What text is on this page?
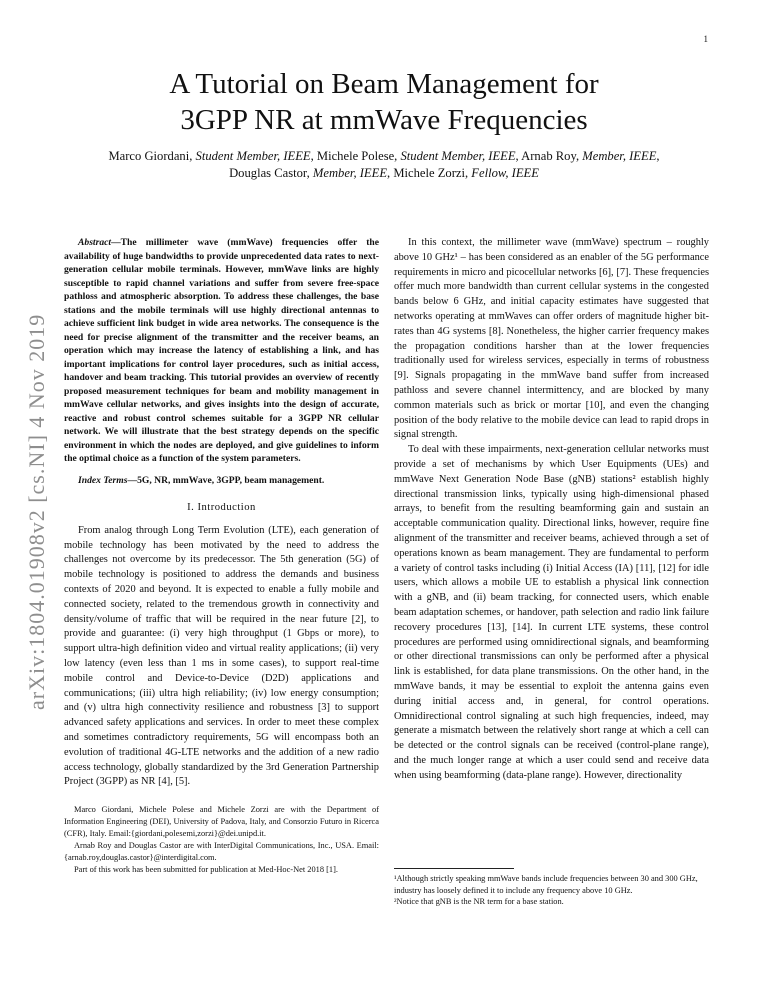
1
arXiv:1804.01908v2 [cs.NI] 4 Nov 2019
A Tutorial on Beam Management for
3GPP NR at mmWave Frequencies
Marco Giordani, Student Member, IEEE, Michele Polese, Student Member, IEEE, Arnab Roy, Member, IEEE,
Douglas Castor, Member, IEEE, Michele Zorzi, Fellow, IEEE

Abstract—The millimeter wave (mmWave) frequencies offer the availability of huge bandwidths to provide unprecedented data rates to next-generation cellular mobile terminals. However, mmWave links are highly susceptible to rapid channel variations and suffer from severe free-space pathloss and atmospheric absorption. To address these challenges, the base stations and the mobile terminals will use highly directional antennas to achieve sufficient link budget in wide area networks. The consequence is the need for precise alignment of the transmitter and the receiver beams, an operation which may increase the latency of establishing a link, and has important implications for control layer procedures, such as initial access, handover and beam tracking. This tutorial provides an overview of recently proposed measurement techniques for beam and mobility management in mmWave cellular networks, and gives insights into the design of accurate, reactive and robust control schemes suitable for a 3GPP NR cellular network. We will illustrate that the best strategy depends on the specific environment in which the nodes are deployed, and give guidelines to inform the optimal choice as a function of the system parameters.

Index Terms—5G, NR, mmWave, 3GPP, beam management.

I. Introduction

From analog through Long Term Evolution (LTE), each generation of mobile technology has been motivated by the need to address the challenges not overcome by its predecessor. The 5th generation (5G) of mobile technology is positioned to address the demands and business contexts of 2020 and beyond. It is expected to enable a fully mobile and connected society, related to the tremendous growth in connectivity and density/volume of traffic that will be required in the near future [2], to provide and guarantee: (i) very high throughput (1 Gbps or more), to support ultra-high definition video and virtual reality applications; (ii) very low latency (even less than 1 ms in some cases), to support real-time mobile control and Device-to-Device (D2D) applications and communications; (iii) ultra high reliability; (iv) low energy consumption; and (v) ultra high connectivity resilience and robustness [3] to support advanced safety applications and services. In order to meet these complex and sometimes contradictory requirements, 5G will encompass both an evolution of traditional 4G-LTE networks and the addition of a new radio access technology, globally standardized by the 3rd Generation Partnership Project (3GPP) as NR [4], [5].

Marco Giordani, Michele Polese and Michele Zorzi are with the Department of Information Engineering (DEI), University of Padova, Italy, and Consorzio Futuro in Ricerca (CFR), Italy. Email:{giordani,polesemi,zorzi}@dei.unipd.it.

Arnab Roy and Douglas Castor are with InterDigital Communications, Inc., USA. Email:{arnab.roy,douglas.castor}@interdigital.com.

Part of this work has been submitted for publication at Med-Hoc-Net 2018 [1].

In this context, the millimeter wave (mmWave) spectrum – roughly above 10 GHz¹ – has been considered as an enabler of the 5G performance requirements in micro and picocellular networks [6], [7]. These frequencies offer much more bandwidth than current cellular systems in the congested bands below 6 GHz, and initial capacity estimates have suggested that networks operating at mmWaves can offer orders of magnitude higher bit-rates than 4G systems [8]. Nonetheless, the higher carrier frequency makes the propagation conditions harsher than at the lower frequencies traditionally used for wireless services, especially in terms of robustness [9]. Signals propagating in the mmWave band suffer from increased pathloss and severe channel intermittency, and are blocked by many common materials such as brick or mortar [10], and even the changing position of the body relative to the mobile device can lead to rapid drops in signal strength.

To deal with these impairments, next-generation cellular networks must provide a set of mechanisms by which User Equipments (UEs) and mmWave Next Generation Node Base (gNB) stations² establish highly directional transmission links, typically using high-dimensional phased arrays, to benefit from the resulting beamforming gain and sustain an acceptable communication quality. Directional links, however, require fine alignment of the transmitter and receiver beams, achieved through a set of operations known as beam management. They are fundamental to perform a variety of control tasks including (i) Initial Access (IA) [11], [12] for idle users, which allows a mobile UE to establish a physical link connection with a gNB, and (ii) beam tracking, for connected users, which enable beam adaptation schemes, or handover, path selection and radio link failure recovery procedures [13], [14]. In current LTE systems, these control procedures are performed using omnidirectional signals, and beamforming or other directional transmissions can only be performed after a physical link is established, for data plane transmissions. On the other hand, in the mmWave bands, it may be essential to exploit the antenna gains even during initial access and, in general, for control operations. Omnidirectional control signaling at such high frequencies, indeed, may generate a mismatch between the relatively short range at which a cell can be detected or the control signals can be received (control-plane range), and the much longer range at which a user could send and receive data when using beamforming (data-plane range). However, directionality

¹Although strictly speaking mmWave bands include frequencies between 30 and 300 GHz, industry has loosely defined it to include any frequency above 10 GHz.

²Notice that gNB is the NR term for a base station.
